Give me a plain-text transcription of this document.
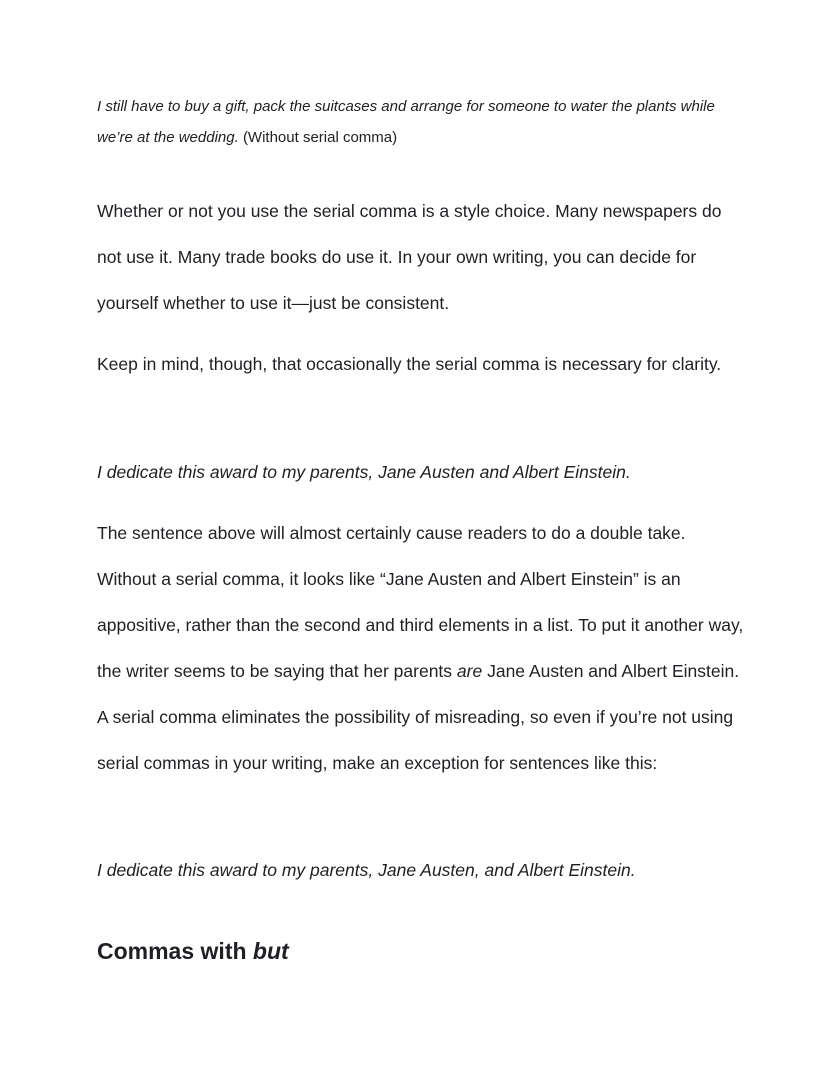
I still have to buy a gift, pack the suitcases and arrange for someone to water the plants while we’re at the wedding. (Without serial comma)

Whether or not you use the serial comma is a style choice. Many newspapers do not use it. Many trade books do use it. In your own writing, you can decide for yourself whether to use it—just be consistent.

Keep in mind, though, that occasionally the serial comma is necessary for clarity.

I dedicate this award to my parents, Jane Austen and Albert Einstein.

The sentence above will almost certainly cause readers to do a double take. Without a serial comma, it looks like “Jane Austen and Albert Einstein” is an appositive, rather than the second and third elements in a list. To put it another way, the writer seems to be saying that her parents are Jane Austen and Albert Einstein. A serial comma eliminates the possibility of misreading, so even if you’re not using serial commas in your writing, make an exception for sentences like this:

I dedicate this award to my parents, Jane Austen, and Albert Einstein.

Commas with but
